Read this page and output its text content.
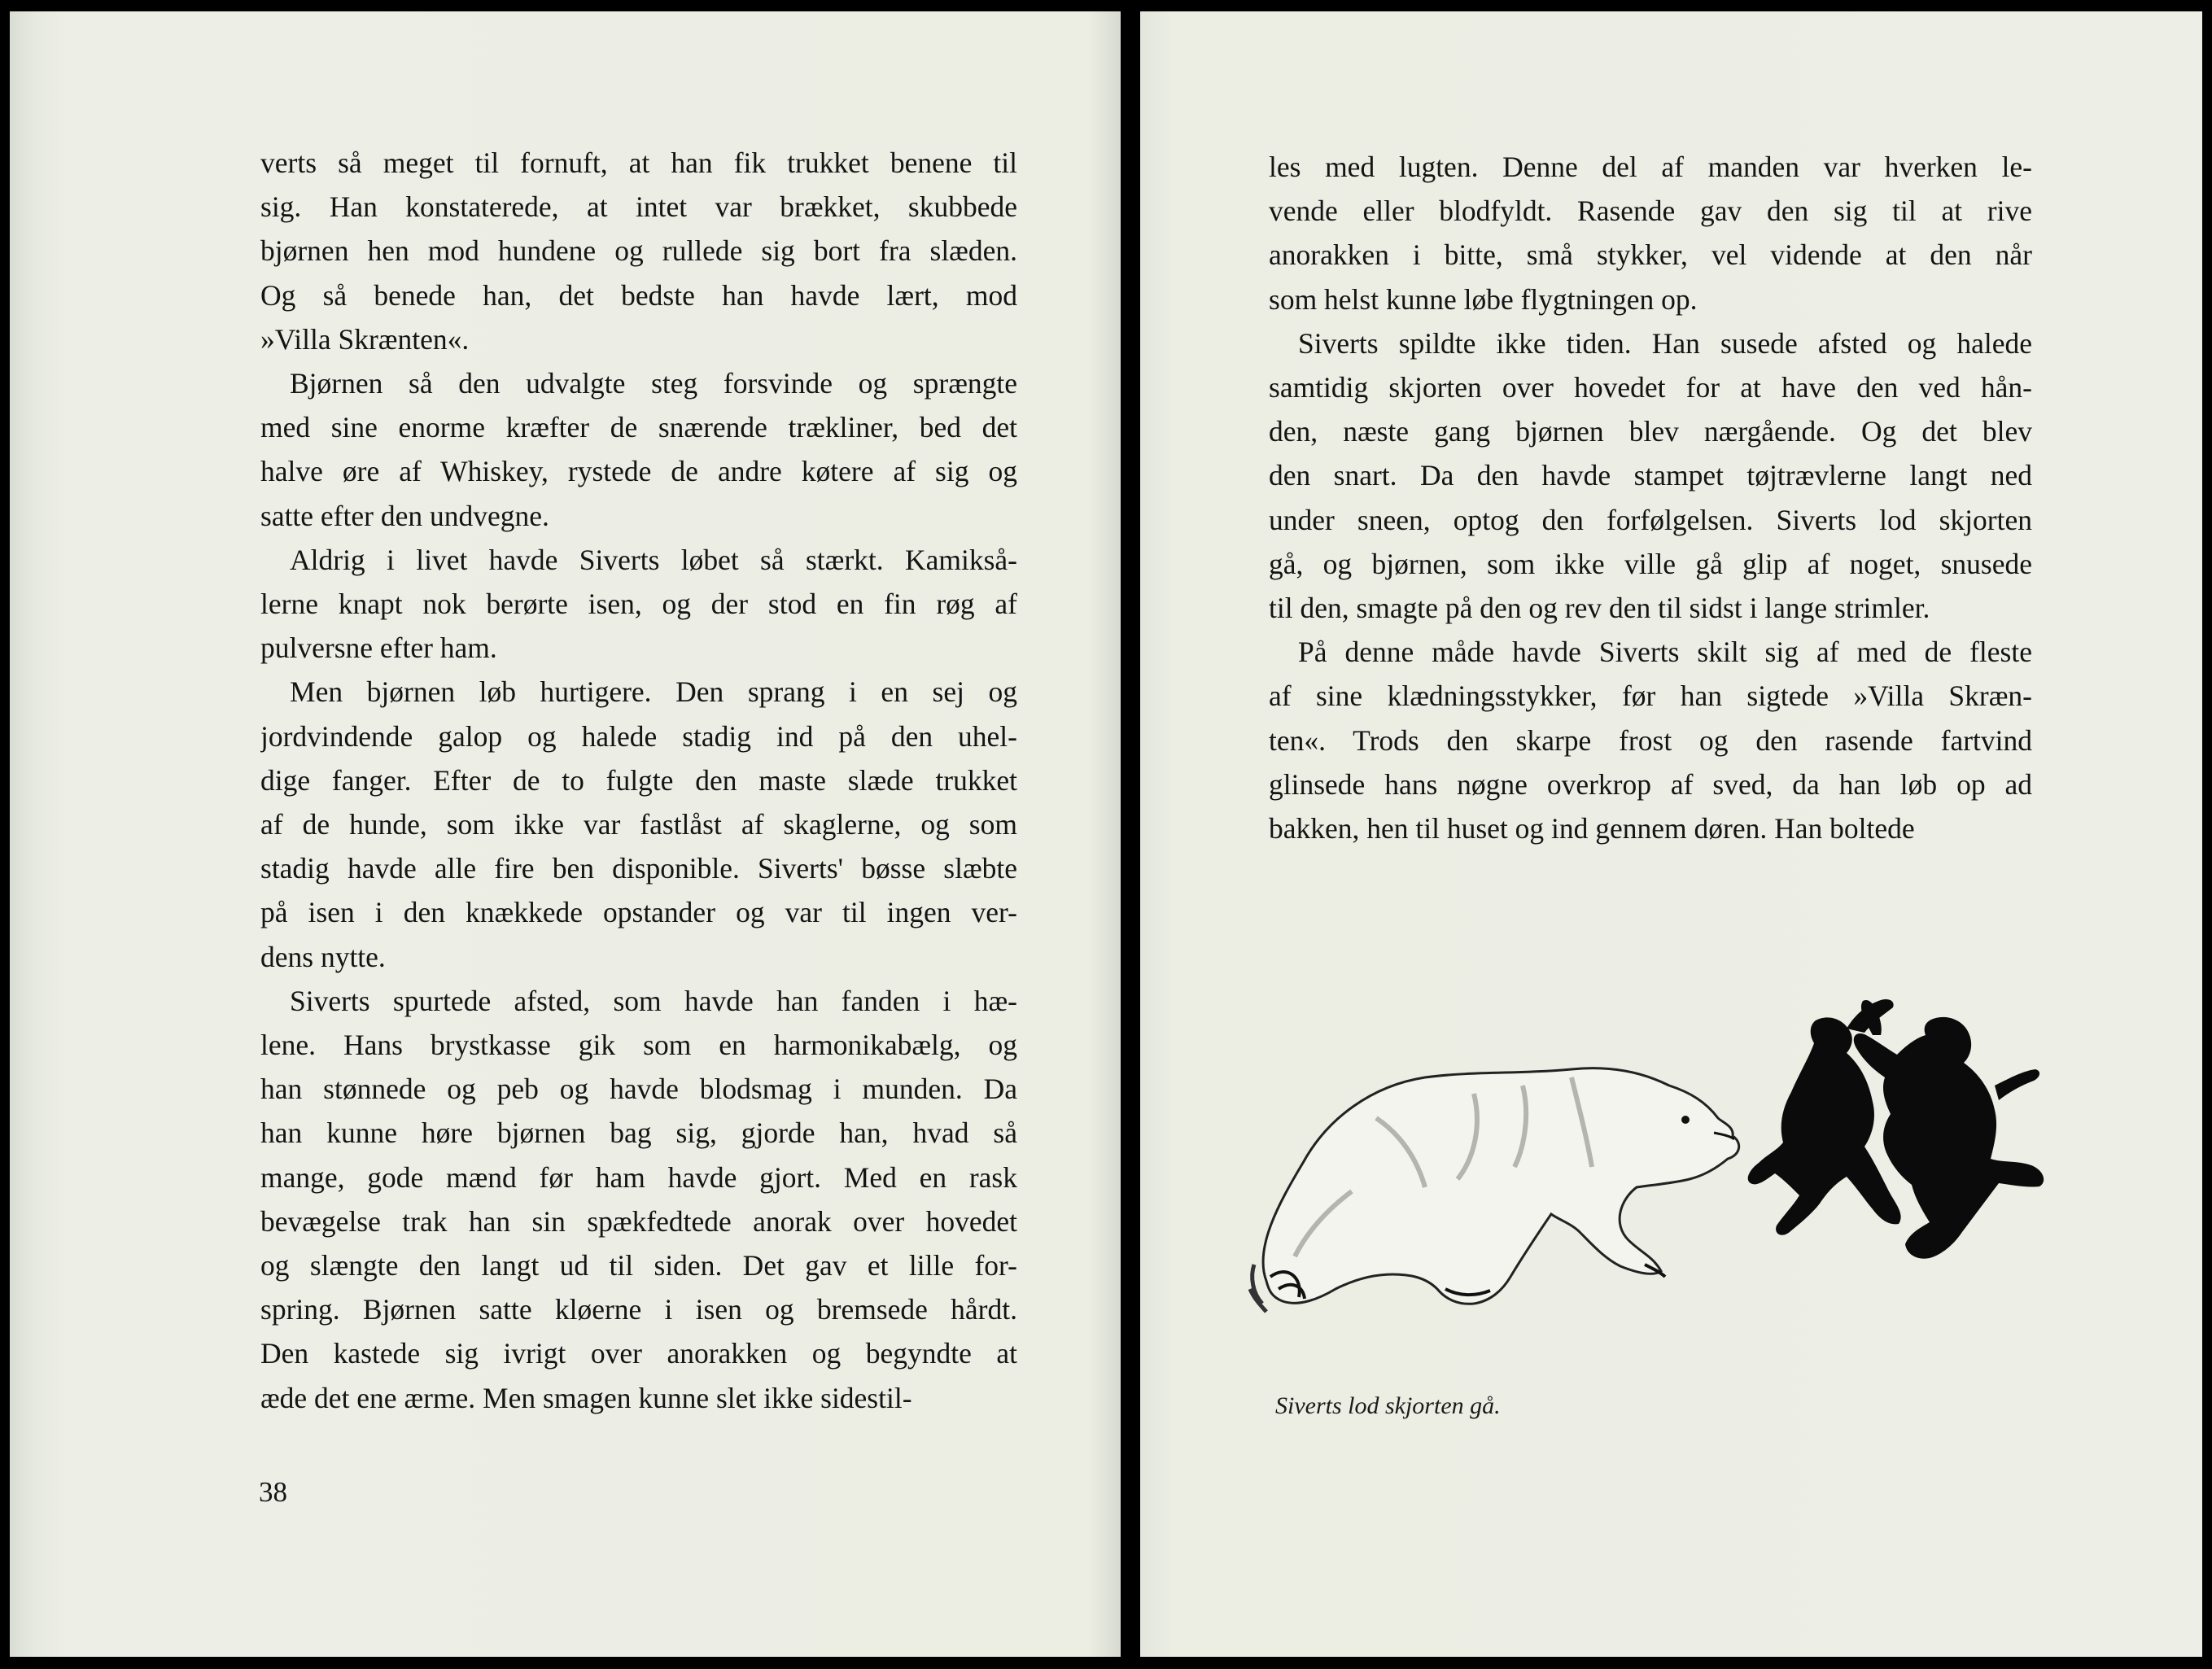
verts så meget til fornuft, at han fik trukket benene til
sig. Han konstaterede, at intet var brækket, skubbede
bjørnen hen mod hundene og rullede sig bort fra slæden.
Og så benede han, det bedste han havde lært, mod
»Villa Skrænten«.
Bjørnen så den udvalgte steg forsvinde og sprængte
med sine enorme kræfter de snærende trækliner, bed det
halve øre af Whiskey, rystede de andre køtere af sig og
satte efter den undvegne.
Aldrig i livet havde Siverts løbet så stærkt. Kamikså-
lerne knapt nok berørte isen, og der stod en fin røg af
pulversne efter ham.
Men bjørnen løb hurtigere. Den sprang i en sej og
jordvindende galop og halede stadig ind på den uhel-
dige fanger. Efter de to fulgte den maste slæde trukket
af de hunde, som ikke var fastlåst af skaglerne, og som
stadig havde alle fire ben disponible. Siverts' bøsse slæbte
på isen i den knækkede opstander og var til ingen ver-
dens nytte.
Siverts spurtede afsted, som havde han fanden i hæ-
lene. Hans brystkasse gik som en harmonikabælg, og
han stønnede og peb og havde blodsmag i munden. Da
han kunne høre bjørnen bag sig, gjorde han, hvad så
mange, gode mænd før ham havde gjort. Med en rask
bevægelse trak han sin spækfedtede anorak over hovedet
og slængte den langt ud til siden. Det gav et lille for-
spring. Bjørnen satte kløerne i isen og bremsede hårdt.
Den kastede sig ivrigt over anorakken og begyndte at
æde det ene ærme. Men smagen kunne slet ikke sidestil-
38
les med lugten. Denne del af manden var hverken le-
vende eller blodfyldt. Rasende gav den sig til at rive
anorakken i bitte, små stykker, vel vidende at den når
som helst kunne løbe flygtningen op.
Siverts spildte ikke tiden. Han susede afsted og halede
samtidig skjorten over hovedet for at have den ved hån-
den, næste gang bjørnen blev nærgående. Og det blev
den snart. Da den havde stampet tøjtrævlerne langt ned
under sneen, optog den forfølgelsen. Siverts lod skjorten
gå, og bjørnen, som ikke ville gå glip af noget, snusede
til den, smagte på den og rev den til sidst i lange strimler.
På denne måde havde Siverts skilt sig af med de fleste
af sine klædningsstykker, før han sigtede »Villa Skræn-
ten«. Trods den skarpe frost og den rasende fartvind
glinsede hans nøgne overkrop af sved, da han løb op ad
bakken, hen til huset og ind gennem døren. Han boltede
Siverts lod skjorten gå.
